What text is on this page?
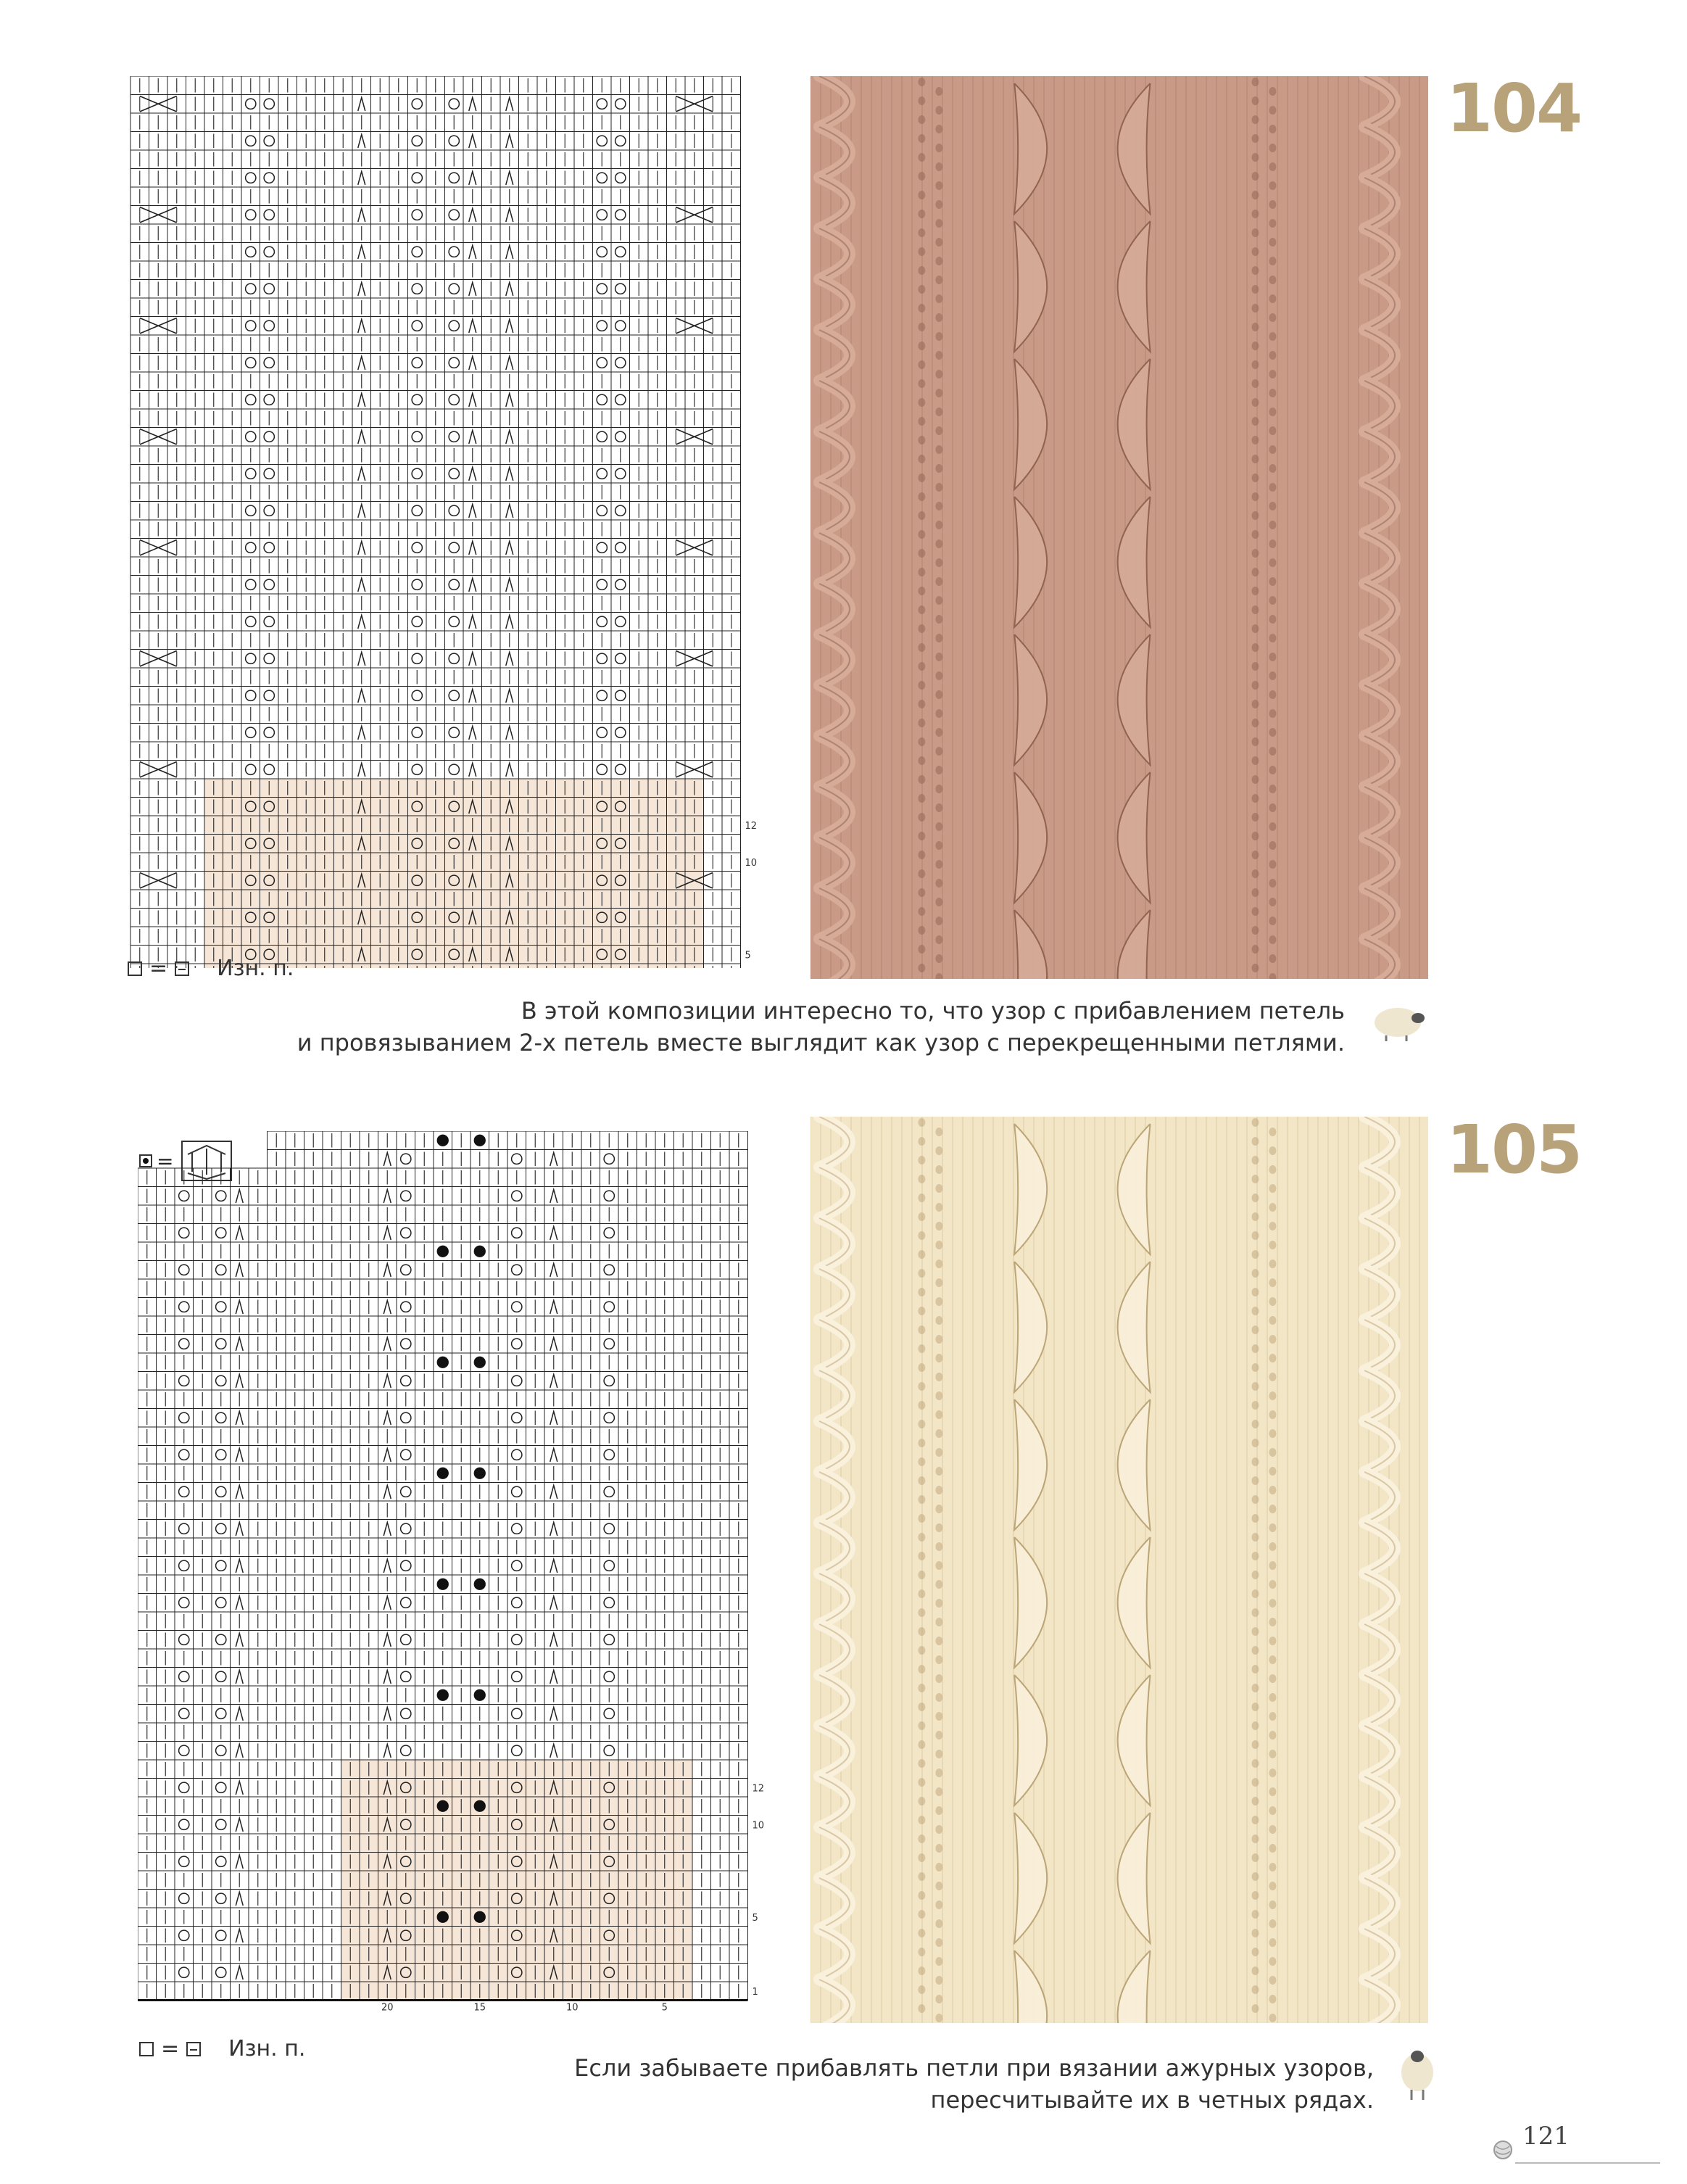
12
10
5
= Изн. п.
104

В этой композиции интересно то, что узор с прибавлением петель

и провязыванием 2-х петель вместе выглядит как узор с перекрещенными петлями.

=
20	15	10	5
12
10
5
1
= Изн. п.
105

Если забываете прибавлять петли при вязании ажурных узоров,

пересчитывайте их в четных рядах.

121
